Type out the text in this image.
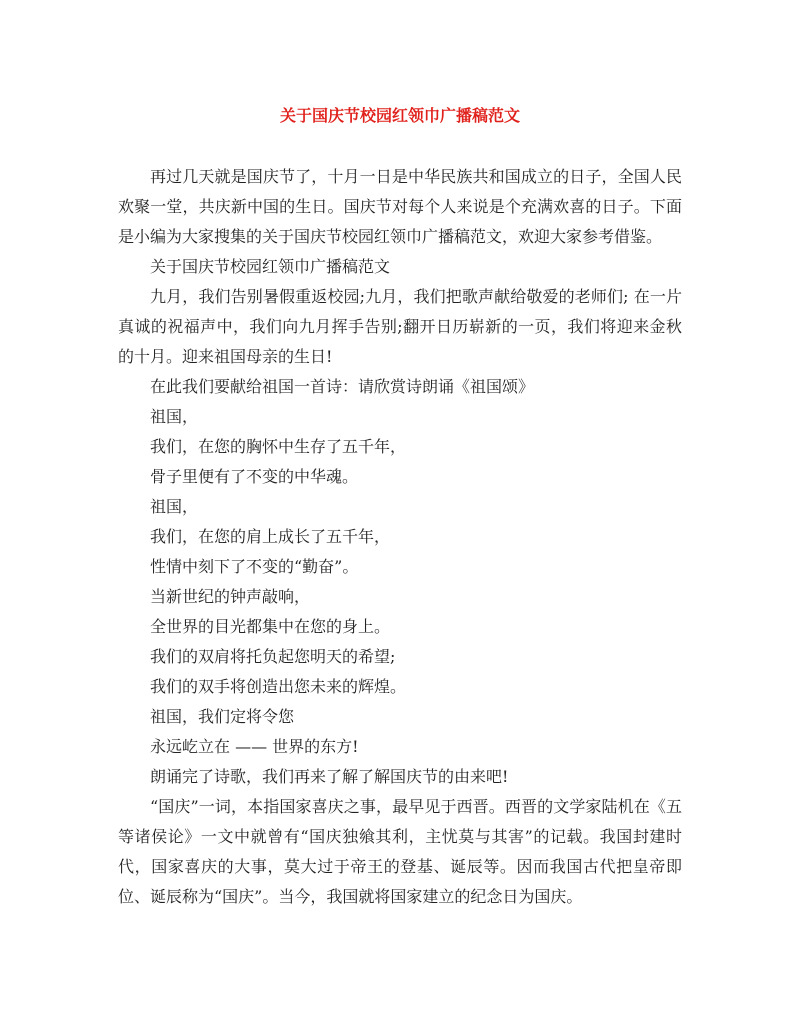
关于国庆节校园红领巾广播稿范文

再过几天就是国庆节了，十月一日是中华民族共和国成立的日子，全国人民欢聚一堂，共庆新中国的生日。国庆节对每个人来说是个充满欢喜的日子。下面是小编为大家搜集的关于国庆节校园红领巾广播稿范文，欢迎大家参考借鉴。

关于国庆节校园红领巾广播稿范文

九月，我们告别暑假重返校园;九月，我们把歌声献给敬爱的老师们; 在一片真诚的祝福声中，我们向九月挥手告别;翻开日历崭新的一页，我们将迎来金秋的十月。迎来祖国母亲的生日!

在此我们要献给祖国一首诗：请欣赏诗朗诵《祖国颂》

祖国，

我们，在您的胸怀中生存了五千年，

骨子里便有了不变的中华魂。

祖国，

我们，在您的肩上成长了五千年，

性情中刻下了不变的“勤奋”。

当新世纪的钟声敲响，

全世界的目光都集中在您的身上。

我们的双肩将托负起您明天的希望;

我们的双手将创造出您未来的辉煌。

祖国，我们定将令您

永远屹立在 —— 世界的东方!

朗诵完了诗歌，我们再来了解了解国庆节的由来吧!

“国庆”一词，本指国家喜庆之事，最早见于西晋。西晋的文学家陆机在《五等诸侯论》一文中就曾有“国庆独飨其利，主忧莫与其害”的记载。我国封建时代，国家喜庆的大事，莫大过于帝王的登基、诞辰等。因而我国古代把皇帝即位、诞辰称为“国庆”。当今，我国就将国家建立的纪念日为国庆。
